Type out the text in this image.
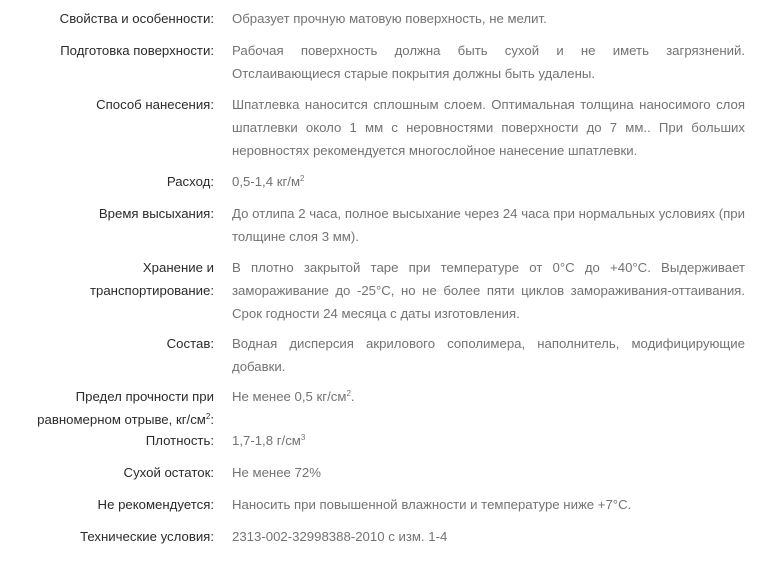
Свойства и особенности: Образует прочную матовую поверхность, не мелит.
Подготовка поверхности: Рабочая поверхность должна быть сухой и не иметь загрязнений. Отслаивающиеся старые покрытия должны быть удалены.
Способ нанесения: Шпатлевка наносится сплошным слоем. Оптимальная толщина наносимого слоя шпатлевки около 1 мм с неровностями поверхности до 7 мм.. При больших неровностях рекомендуется многослойное нанесение шпатлевки.
Расход: 0,5-1,4 $кг/м^2$
Время высыхания: До отлипа 2 часа, полное высыхание через 24 часа при нормальных условиях (при толщине слоя 3 мм).
Хранение и
транспортирование:
В плотно закрытой таре при температуре от 0°С до +40°С. Выдерживает замораживание до -25°С, но не более пяти циклов замораживания-оттаивания. Срок годности 24 месяца с даты изготовления.
Состав: Водная дисперсия акрилового сополимера, наполнитель, модифицирующие добавки.
Предел прочности при
равномерном отрыве, $кг/см^2$:
Не менее 0,5 $кг/см^2$.
Плотность: 1,7-1,8 $г/см^3$
Сухой остаток: Не менее 72%
Не рекомендуется: Наносить при повышенной влажности и температуре ниже +7°С.
Технические условия: 2313-002-32998388-2010 с изм. 1-4
